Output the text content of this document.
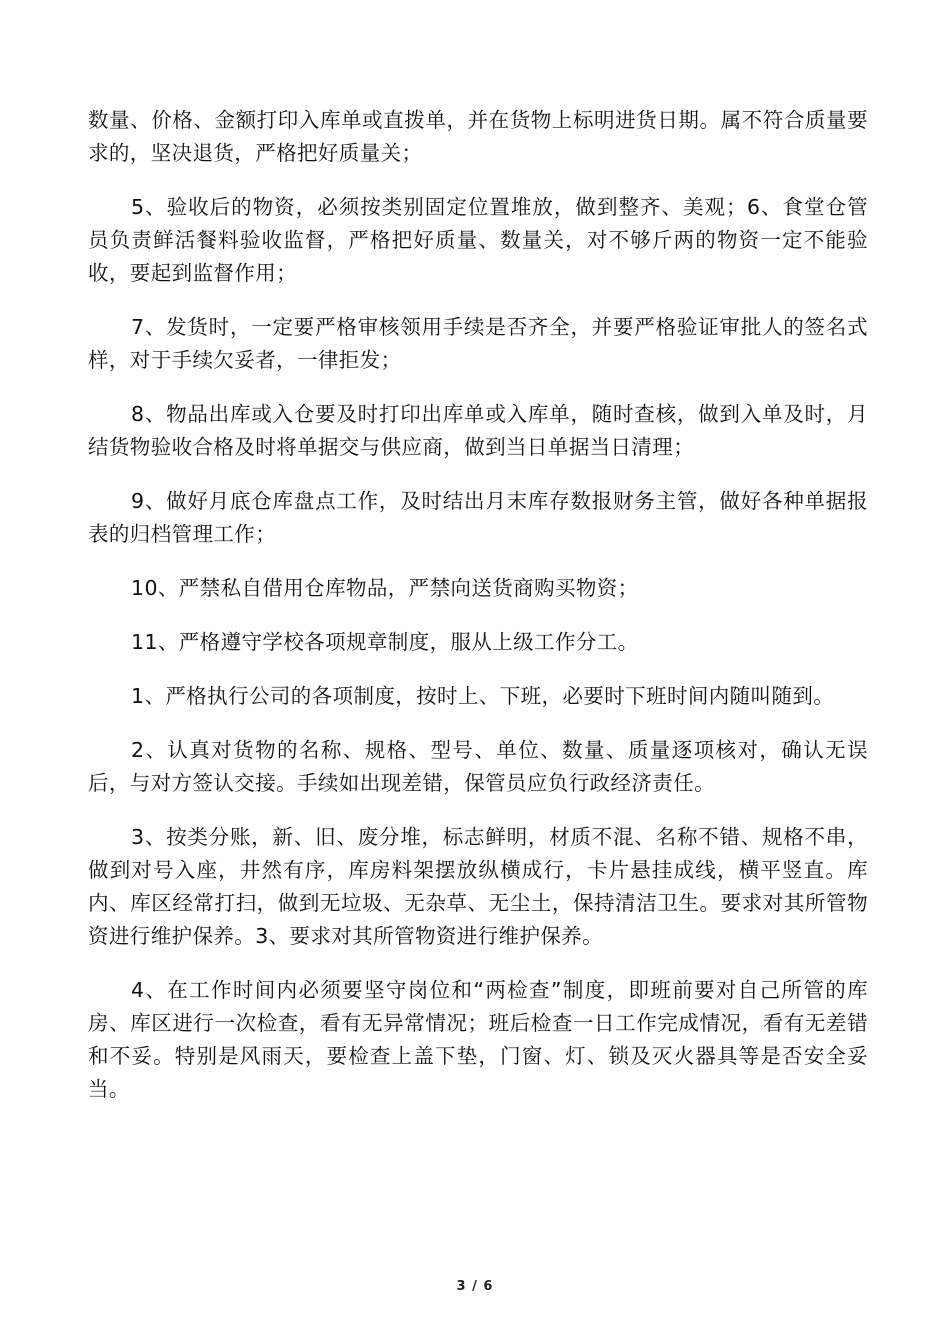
数量、价格、金额打印入库单或直拨单，并在货物上标明进货日期。属不符合质量要求的，坚决退货，严格把好质量关；

5、验收后的物资，必须按类别固定位置堆放，做到整齐、美观；6、食堂仓管员负责鲜活餐料验收监督，严格把好质量、数量关，对不够斤两的物资一定不能验收，要起到监督作用；

7、发货时，一定要严格审核领用手续是否齐全，并要严格验证审批人的签名式样，对于手续欠妥者，一律拒发；

8、物品出库或入仓要及时打印出库单或入库单，随时查核，做到入单及时，月结货物验收合格及时将单据交与供应商，做到当日单据当日清理；

9、做好月底仓库盘点工作，及时结出月末库存数报财务主管，做好各种单据报表的归档管理工作；

10、严禁私自借用仓库物品，严禁向送货商购买物资；

11、严格遵守学校各项规章制度，服从上级工作分工。

1、严格执行公司的各项制度，按时上、下班，必要时下班时间内随叫随到。

2、认真对货物的名称、规格、型号、单位、数量、质量逐项核对，确认无误后，与对方签认交接。手续如出现差错，保管员应负行政经济责任。

3、按类分账，新、旧、废分堆，标志鲜明，材质不混、名称不错、规格不串，做到对号入座，井然有序，库房料架摆放纵横成行，卡片悬挂成线，横平竖直。库内、库区经常打扫，做到无垃圾、无杂草、无尘土，保持清洁卫生。要求对其所管物资进行维护保养。3、要求对其所管物资进行维护保养。

4、在工作时间内必须要坚守岗位和“两检查”制度，即班前要对自己所管的库房、库区进行一次检查，看有无异常情况；班后检查一日工作完成情况，看有无差错和不妥。特别是风雨天，要检查上盖下垫，门窗、灯、锁及灭火器具等是否安全妥当。

3 / 6
